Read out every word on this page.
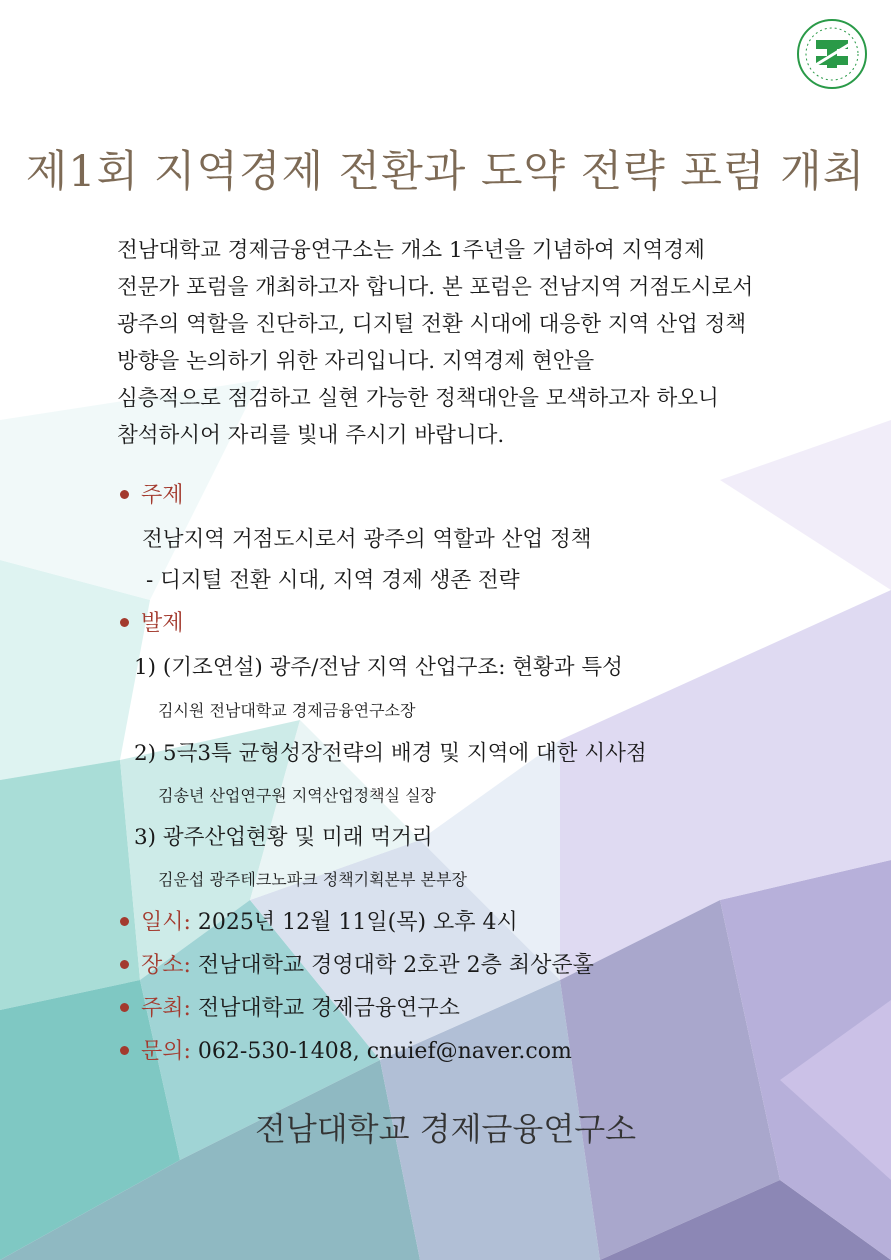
제1회 지역경제 전환과 도약 전략 포럼 개최
전남대학교 경제금융연구소는 개소 1주년을 기념하여 지역경제
전문가 포럼을 개최하고자 합니다. 본 포럼은 전남지역 거점도시로서
광주의 역할을 진단하고, 디지털 전환 시대에 대응한 지역 산업 정책
방향을 논의하기 위한 자리입니다. 지역경제 현안을
심층적으로 점검하고 실현 가능한 정책대안을 모색하고자 하오니
참석하시어 자리를 빛내 주시기 바랍니다.
주제
전남지역 거점도시로서 광주의 역할과 산업 정책
- 디지털 전환 시대, 지역 경제 생존 전략
발제
1) (기조연설) 광주/전남 지역 산업구조: 현황과 특성
김시원 전남대학교 경제금융연구소장
2) 5극3특 균형성장전략의 배경 및 지역에 대한 시사점
김송년 산업연구원 지역산업정책실 실장
3) 광주산업현황 및 미래 먹거리
김운섭 광주테크노파크 정책기획본부 본부장
일시: 2025년 12월 11일(목) 오후 4시
장소: 전남대학교 경영대학 2호관 2층 최상준홀
주최: 전남대학교 경제금융연구소
문의: 062-530-1408, cnuief@naver.com
전남대학교 경제금융연구소
